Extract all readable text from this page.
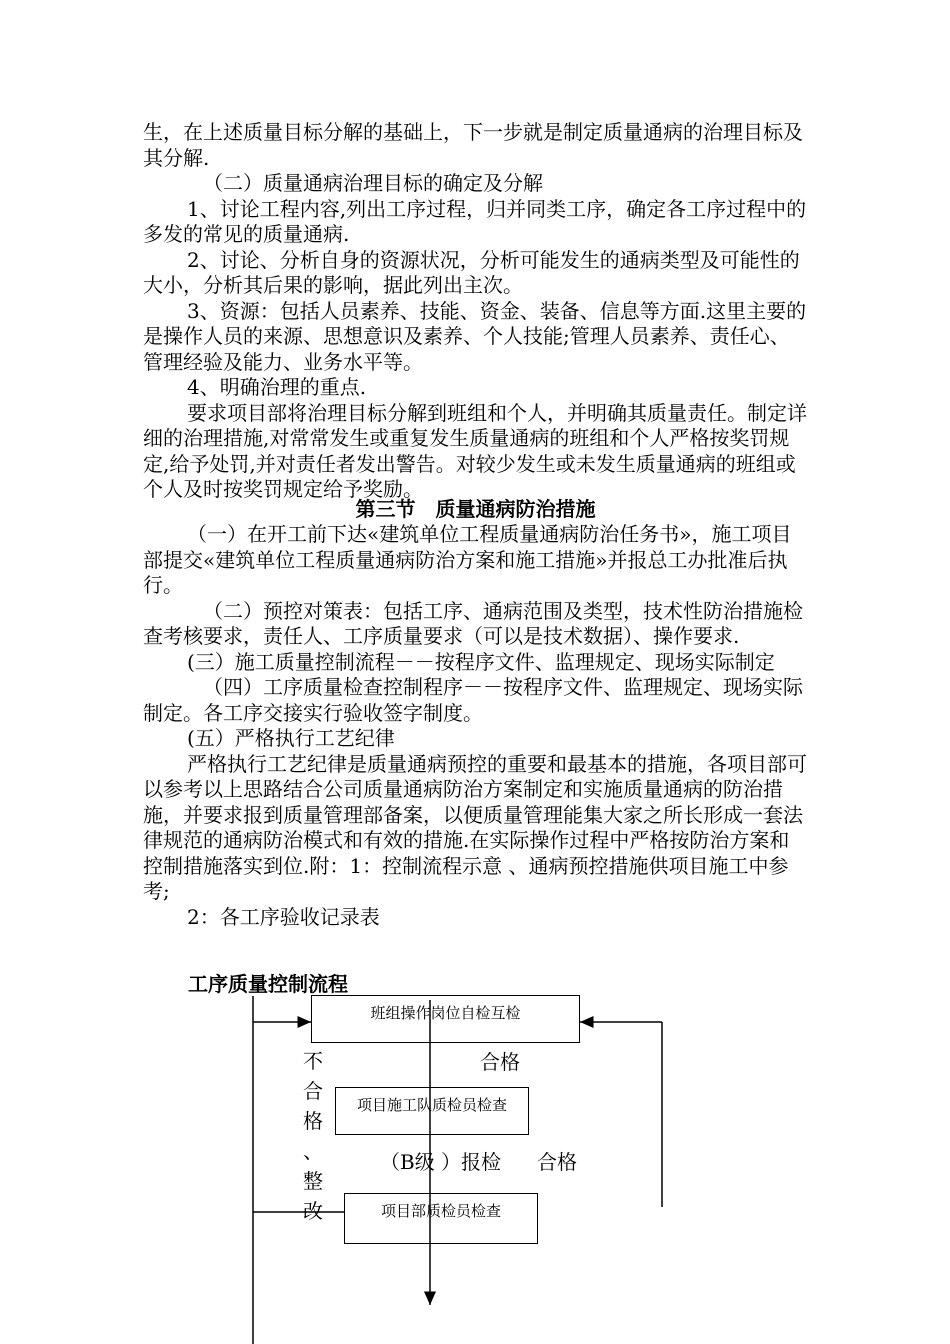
生，在上述质量目标分解的基础上，下一步就是制定质量通病的治理目标及其分解.

（二）质量通病治理目标的确定及分解

1、讨论工程内容,列出工序过程，归并同类工序，确定各工序过程中的多发的常见的质量通病.

2、讨论、分析自身的资源状况，分析可能发生的通病类型及可能性的大小，分析其后果的影响，据此列出主次。

3、资源：包括人员素养、技能、资金、装备、信息等方面.这里主要的是操作人员的来源、思想意识及素养、个人技能;管理人员素养、责任心、管理经验及能力、业务水平等。

4、明确治理的重点.

要求项目部将治理目标分解到班组和个人，并明确其质量责任。制定详细的治理措施,对常常发生或重复发生质量通病的班组和个人严格按奖罚规定,给予处罚,并对责任者发出警告。对较少发生或未发生质量通病的班组或个人及时按奖罚规定给予奖励。

第三节　质量通病防治措施

（一）在开工前下达«建筑单位工程质量通病防治任务书»，施工项目部提交«建筑单位工程质量通病防治方案和施工措施»并报总工办批准后执行。

（二）预控对策表：包括工序、通病范围及类型，技术性防治措施检查考核要求，责任人、工序质量要求（可以是技术数据）、操作要求.

(三）施工质量控制流程－－按程序文件、监理规定、现场实际制定

（四）工序质量检查控制程序－－按程序文件、监理规定、现场实际制定。各工序交接实行验收签字制度。

(五）严格执行工艺纪律

严格执行工艺纪律是质量通病预控的重要和最基本的措施，各项目部可以参考以上思路结合公司质量通病防治方案制定和实施质量通病的防治措施，并要求报到质量管理部备案，以便质量管理能集大家之所长形成一套法律规范的通病防治模式和有效的措施.在实际操作过程中严格按防治方案和控制措施落实到位.附：1：控制流程示意 、通病预控措施供项目施工中参考;

2：各工序验收记录表

工序质量控制流程
班组操作岗位自检互检
项目施工队质检员检查
项目部质检员检查
合格
（B级 ）报检 合格
不
合
格
、
整
改
